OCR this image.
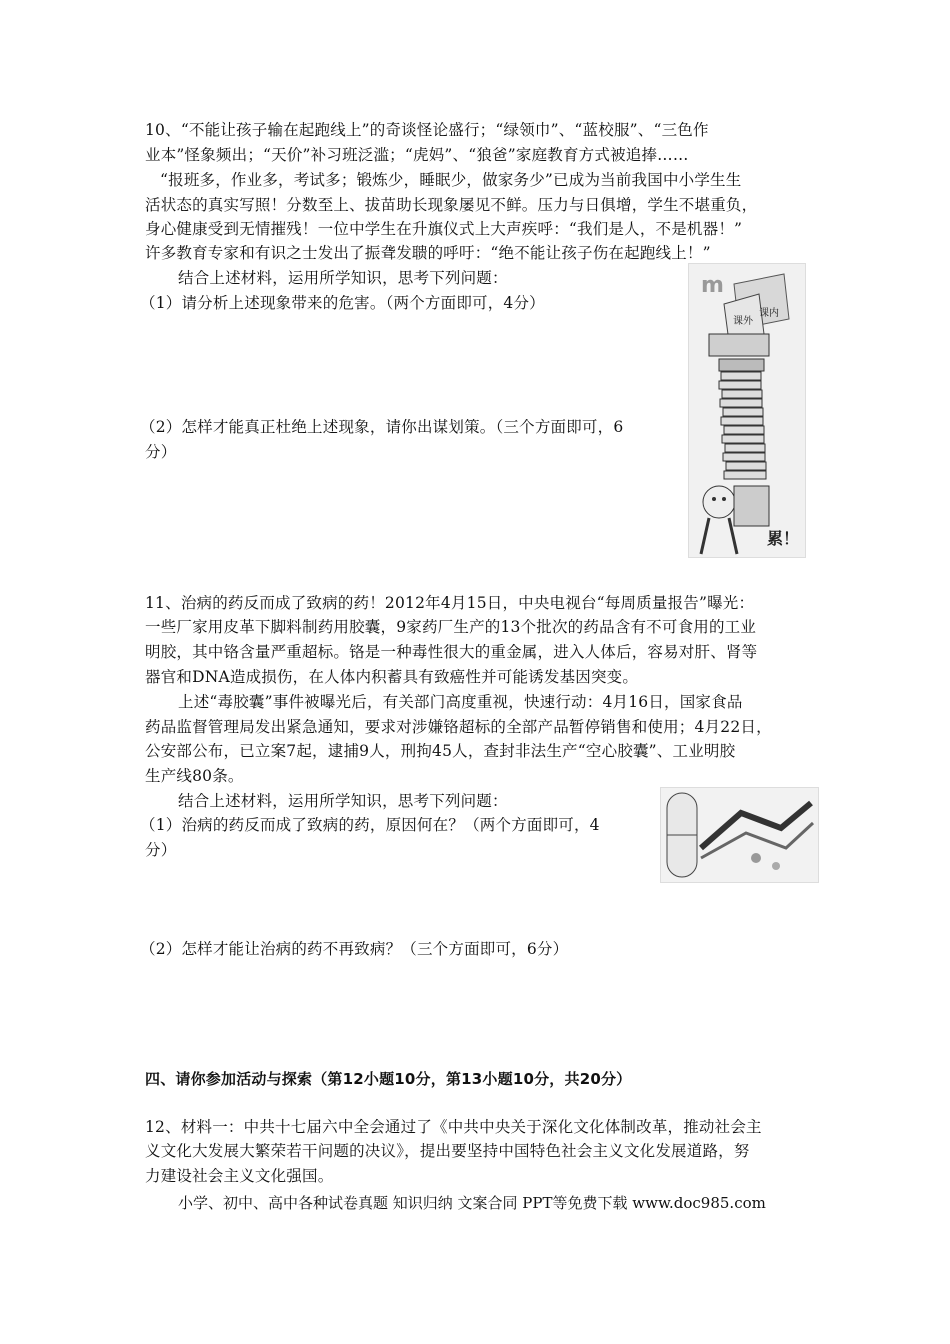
10、“不能让孩子输在起跑线上”的奇谈怪论盛行；“绿领巾”、“蓝校服”、“三色作
业本”怪象频出；“天价”补习班泛滥；“虎妈”、“狼爸”家庭教育方式被追捧……
“报班多，作业多，考试多；锻炼少，睡眠少，做家务少”已成为当前我国中小学生生
活状态的真实写照！分数至上、拔苗助长现象屡见不鲜。压力与日俱增，学生不堪重负，
身心健康受到无情摧残！一位中学生在升旗仪式上大声疾呼：“我们是人，不是机器！”
许多教育专家和有识之士发出了振聋发聩的呼吁：“绝不能让孩子伤在起跑线上！”
结合上述材料，运用所学知识，思考下列问题：
（1）请分析上述现象带来的危害。（两个方面即可，4分）
（2）怎样才能真正杜绝上述现象，请你出谋划策。（三个方面即可，6
分）
m
课外
课内
累！
11、治病的药反而成了致病的药！2012年4月15日，中央电视台“每周质量报告”曝光：
一些厂家用皮革下脚料制药用胶囊，9家药厂生产的13个批次的药品含有不可食用的工业
明胶，其中铬含量严重超标。铬是一种毒性很大的重金属，进入人体后，容易对肝、肾等
器官和DNA造成损伤，在人体内积蓄具有致癌性并可能诱发基因突变。
上述“毒胶囊”事件被曝光后，有关部门高度重视，快速行动：4月16日，国家食品
药品监督管理局发出紧急通知，要求对涉嫌铬超标的全部产品暂停销售和使用；4月22日，
公安部公布，已立案7起，逮捕9人，刑拘45人，查封非法生产“空心胶囊”、工业明胶
生产线80条。
结合上述材料，运用所学知识，思考下列问题：
（1）治病的药反而成了致病的药，原因何在？（两个方面即可，4
分）
（2）怎样才能让治病的药不再致病？（三个方面即可，6分）
四、请你参加活动与探索（第12小题10分，第13小题10分，共20分）
12、材料一：中共十七届六中全会通过了《中共中央关于深化文化体制改革，推动社会主
义文化大发展大繁荣若干问题的决议》，提出要坚持中国特色社会主义文化发展道路，努
力建设社会主义文化强国。
小学、初中、高中各种试卷真题 知识归纳 文案合同 PPT等免费下载 www.doc985.com
